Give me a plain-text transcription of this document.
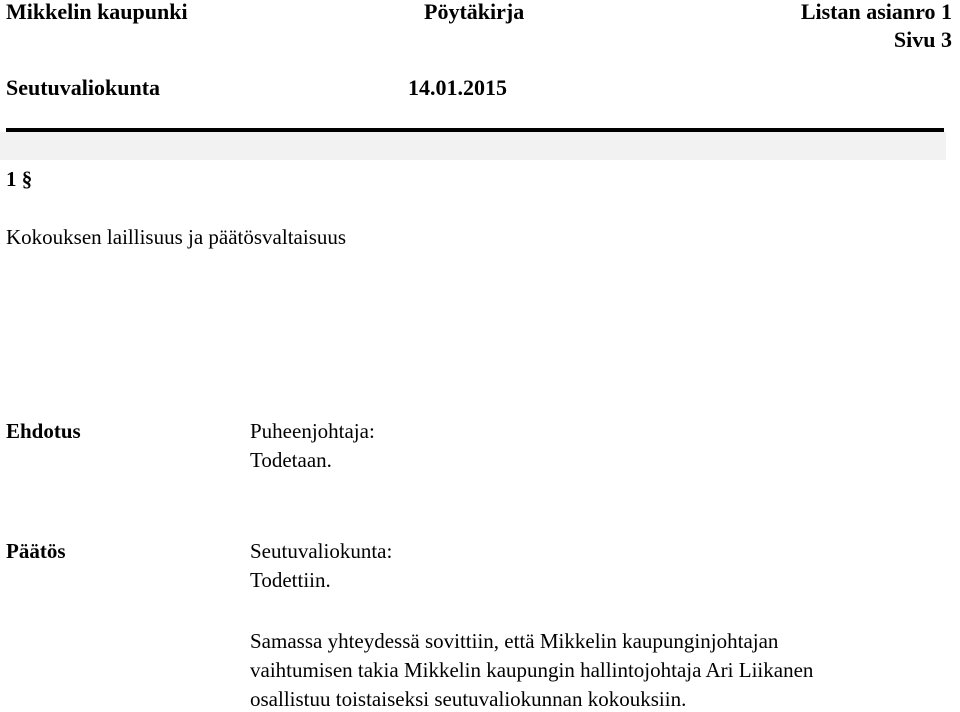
Mikkelin kaupunki	Pöytäkirja	Listan asianro 1
Sivu 3
Seutuvaliokunta	14.01.2015
1 §
Kokouksen laillisuus ja päätösvaltaisuus
Ehdotus	Puheenjohtaja:
Todetaan.
Päätös	Seutuvaliokunta:
Todettiin.
Samassa yhteydessä sovittiin, että Mikkelin kaupunginjohtajan
vaihtumisen takia Mikkelin kaupungin hallintojohtaja Ari Liikanen
osallistuu toistaiseksi seutuvaliokunnan kokouksiin.
